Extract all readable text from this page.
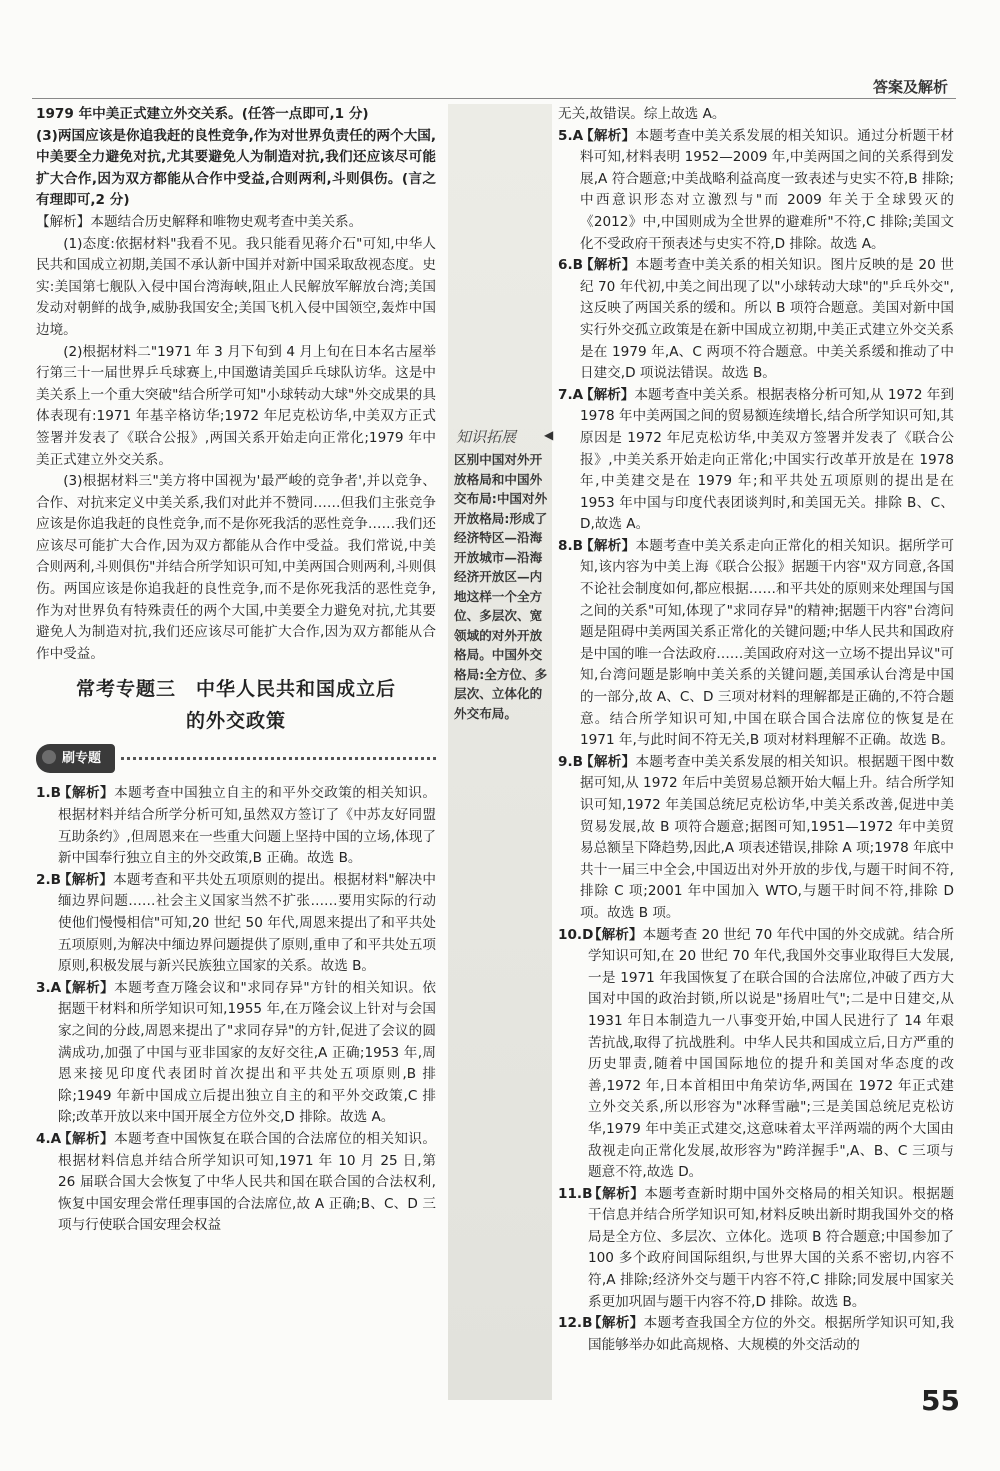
答案及解析

1979 年中美正式建立外交关系。(任答一点即可,1 分)

(3)两国应该是你追我赶的良性竞争,作为对世界负责任的两个大国,中美要全力避免对抗,尤其要避免人为制造对抗,我们还应该尽可能扩大合作,因为双方都能从合作中受益,合则两利,斗则俱伤。(言之有理即可,2 分)

【解析】本题结合历史解释和唯物史观考查中美关系。

(1)态度:依据材料"我看不见。我只能看见蒋介石"可知,中华人民共和国成立初期,美国不承认新中国并对新中国采取敌视态度。史实:美国第七舰队入侵中国台湾海峡,阻止人民解放军解放台湾;美国发动对朝鲜的战争,威胁我国安全;美国飞机入侵中国领空,轰炸中国边境。

(2)根据材料二"1971 年 3 月下旬到 4 月上旬在日本名古屋举行第三十一届世界乒乓球赛上,中国邀请美国乒乓球队访华。这是中美关系上一个重大突破"结合所学可知"小球转动大球"外交成果的具体表现有:1971 年基辛格访华;1972 年尼克松访华,中美双方正式签署并发表了《联合公报》,两国关系开始走向正常化;1979 年中美正式建立外交关系。

(3)根据材料三"美方将中国视为'最严峻的竞争者',并以竞争、合作、对抗来定义中美关系,我们对此并不赞同……但我们主张竞争应该是你追我赶的良性竞争,而不是你死我活的恶性竞争……我们还应该尽可能扩大合作,因为双方都能从合作中受益。我们常说,中美合则两利,斗则俱伤"并结合所学知识可知,中美两国合则两利,斗则俱伤。两国应该是你追我赶的良性竞争,而不是你死我活的恶性竞争,作为对世界负有特殊责任的两个大国,中美要全力避免对抗,尤其要避免人为制造对抗,我们还应该尽可能扩大合作,因为双方都能从合作中受益。

常考专题三　中华人民共和国成立后
的外交政策
刷专题
1.B
【解析】本题考查中国独立自主的和平外交政策的相关知识。根据材料并结合所学分析可知,虽然双方签订了《中苏友好同盟互助条约》,但周恩来在一些重大问题上坚持中国的立场,体现了新中国奉行独立自主的外交政策,B 正确。故选 B。
2.B
【解析】本题考查和平共处五项原则的提出。根据材料"解决中缅边界问题……社会主义国家当然不扩张……要用实际的行动使他们慢慢相信"可知,20 世纪 50 年代,周恩来提出了和平共处五项原则,为解决中缅边界问题提供了原则,重申了和平共处五项原则,积极发展与新兴民族独立国家的关系。故选 B。
3.A
【解析】本题考查万隆会议和"求同存异"方针的相关知识。依据题干材料和所学知识可知,1955 年,在万隆会议上针对与会国家之间的分歧,周恩来提出了"求同存异"的方针,促进了会议的圆满成功,加强了中国与亚非国家的友好交往,A 正确;1953 年,周恩来接见印度代表团时首次提出和平共处五项原则,B 排除;1949 年新中国成立后提出独立自主的和平外交政策,C 排除;改革开放以来中国开展全方位外交,D 排除。故选 A。
4.A
【解析】本题考查中国恢复在联合国的合法席位的相关知识。根据材料信息并结合所学知识可知,1971 年 10 月 25 日,第 26 届联合国大会恢复了中华人民共和国在联合国的合法权利,恢复中国安理会常任理事国的合法席位,故 A 正确;B、C、D 三项与行使联合国安理会权益
知识拓展 ◀
区别中国对外开放格局和中国外交布局:中国对外开放格局:形成了经济特区—沿海开放城市—沿海经济开放区—内地这样一个全方位、多层次、宽领域的对外开放格局。中国外交格局:全方位、多层次、立体化的外交布局。

无关,故错误。综上故选 A。

5.A
【解析】本题考查中美关系发展的相关知识。通过分析题干材料可知,材料表明 1952—2009 年,中美两国之间的关系得到发展,A 符合题意;中美战略利益高度一致表述与史实不符,B 排除;中西意识形态对立激烈与"而 2009 年关于全球毁灭的《2012》中,中国则成为全世界的避难所"不符,C 排除;美国文化不受政府干预表述与史实不符,D 排除。故选 A。
6.B
【解析】本题考查中美关系的相关知识。图片反映的是 20 世纪 70 年代初,中美之间出现了以"小球转动大球"的"乒乓外交",这反映了两国关系的缓和。所以 B 项符合题意。美国对新中国实行外交孤立政策是在新中国成立初期,中美正式建立外交关系是在 1979 年,A、C 两项不符合题意。中美关系缓和推动了中日建交,D 项说法错误。故选 B。
7.A
【解析】本题考查中美关系。根据表格分析可知,从 1972 年到 1978 年中美两国之间的贸易额连续增长,结合所学知识可知,其原因是 1972 年尼克松访华,中美双方签署并发表了《联合公报》,中美关系开始走向正常化;中国实行改革开放是在 1978 年,中美建交是在 1979 年;和平共处五项原则的提出是在 1953 年中国与印度代表团谈判时,和美国无关。排除 B、C、D,故选 A。
8.B
【解析】本题考查中美关系走向正常化的相关知识。据所学可知,该内容为中美上海《联合公报》据题干内容"双方同意,各国不论社会制度如何,都应根据……和平共处的原则来处理国与国之间的关系"可知,体现了"求同存异"的精神;据题干内容"台湾问题是阻碍中美两国关系正常化的关键问题;中华人民共和国政府是中国的唯一合法政府……美国政府对这一立场不提出异议"可知,台湾问题是影响中美关系的关键问题,美国承认台湾是中国的一部分,故 A、C、D 三项对材料的理解都是正确的,不符合题意。结合所学知识可知,中国在联合国合法席位的恢复是在 1971 年,与此时间不符无关,B 项对材料理解不正确。故选 B。
9.B
【解析】本题考查中美关系发展的相关知识。根据题干图中数据可知,从 1972 年后中美贸易总额开始大幅上升。结合所学知识可知,1972 年美国总统尼克松访华,中美关系改善,促进中美贸易发展,故 B 项符合题意;据图可知,1951—1972 年中美贸易总额呈下降趋势,因此,A 项表述错误,排除 A 项;1978 年底中共十一届三中全会,中国迈出对外开放的步伐,与题干时间不符,排除 C 项;2001 年中国加入 WTO,与题干时间不符,排除 D 项。故选 B 项。
10.D
【解析】本题考查 20 世纪 70 年代中国的外交成就。结合所学知识可知,在 20 世纪 70 年代,我国外交事业取得巨大发展,一是 1971 年我国恢复了在联合国的合法席位,冲破了西方大国对中国的政治封锁,所以说是"扬眉吐气";二是中日建交,从 1931 年日本制造九一八事变开始,中国人民进行了 14 年艰苦抗战,取得了抗战胜利。中华人民共和国成立后,日方严重的历史罪责,随着中国国际地位的提升和美国对华态度的改善,1972 年,日本首相田中角荣访华,两国在 1972 年正式建立外交关系,所以形容为"冰释雪融";三是美国总统尼克松访华,1979 年中美正式建交,这意味着太平洋两端的两个大国由敌视走向正常化发展,故形容为"跨洋握手",A、B、C 三项与题意不符,故选 D。
11.B
【解析】本题考查新时期中国外交格局的相关知识。根据题干信息并结合所学知识可知,材料反映出新时期我国外交的格局是全方位、多层次、立体化。选项 B 符合题意;中国参加了 100 多个政府间国际组织,与世界大国的关系不密切,内容不符,A 排除;经济外交与题干内容不符,C 排除;同发展中国家关系更加巩固与题干内容不符,D 排除。故选 B。
12.B
【解析】本题考查我国全方位的外交。根据所学知识可知,我国能够举办如此高规格、大规模的外交活动的
55
